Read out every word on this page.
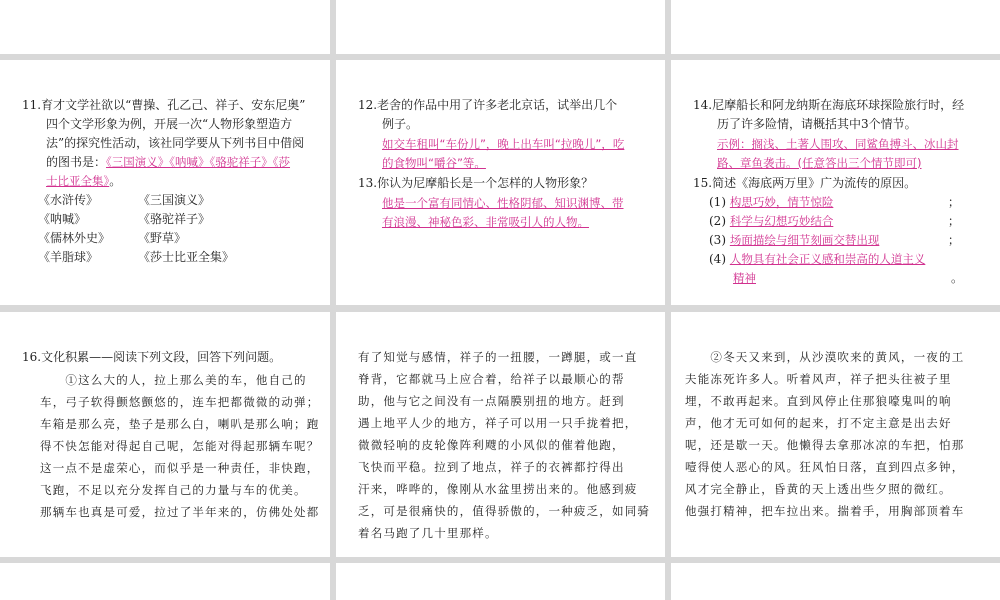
11.育才文学社欲以“曹操、孔乙己、祥子、安东尼奥”
四个文学形象为例，开展一次“人物形象塑造方
法”的探究性活动，该社同学要从下列书目中借阅
的图书是：《三国演义》《呐喊》《骆驼祥子》《莎
士比亚全集》。
《水浒传》	《三国演义》
《呐喊》	《骆驼祥子》
《儒林外史》 《野草》
《羊脂球》	《莎士比亚全集》
12.老舍的作品中用了许多老北京话，试举出几个
例子。
如交车租叫“车份儿”，晚上出车叫“拉晚儿”，吃
的食物叫“嚼谷”等。
13.你认为尼摩船长是一个怎样的人物形象？
他是一个富有同情心、性格阴郁、知识渊博、带
有浪漫、神秘色彩、非常吸引人的人物。
14.尼摩船长和阿龙纳斯在海底环球探险旅行时，经
历了许多险情，请概括其中3个情节。
示例：搁浅、土著人围攻、同鲨鱼搏斗、冰山封
路、章鱼袭击。(任意答出三个情节即可)
15.简述《海底两万里》广为流传的原因。
(1) 构思巧妙，情节惊险	；
(2) 科学与幻想巧妙结合	；
(3) 场面描绘与细节刻画交替出现	；
(4) 人物具有社会正义感和崇高的人道主义
精神	。
16.文化积累——阅读下列文段，回答下列问题。

　　①这么大的人，拉上那么美的车，他自己的

车，弓子软得颤悠颤悠的，连车把都微微的动弹；

车箱是那么亮，垫子是那么白，喇叭是那么响；跑

得不快怎能对得起自己呢，怎能对得起那辆车呢？

这一点不是虚荣心，而似乎是一种责任，非快跑，

飞跑，不足以充分发挥自己的力量与车的优美。

那辆车也真是可爱，拉过了半年来的，仿佛处处都

有了知觉与感情，祥子的一扭腰，一蹲腿，或一直

脊背，它都就马上应合着，给祥子以最顺心的帮

助，他与它之间没有一点隔膜别扭的地方。赶到

遇上地平人少的地方，祥子可以用一只手拢着把，

微微轻响的皮轮像阵利飕的小风似的催着他跑，

飞快而平稳。拉到了地点，祥子的衣裤都拧得出

汗来，哗哗的，像刚从水盆里捞出来的。他感到疲

乏，可是很痛快的，值得骄傲的，一种疲乏，如同骑

着名马跑了几十里那样。

　　②冬天又来到，从沙漠吹来的黄风，一夜的工

夫能冻死许多人。听着风声，祥子把头往被子里

埋，不敢再起来。直到风停止住那狼嚎鬼叫的响

声，他才无可如何的起来，打不定主意是出去好

呢，还是歇一天。他懒得去拿那冰凉的车把，怕那

噎得使人恶心的风。狂风怕日落，直到四点多钟，

风才完全静止，昏黄的天上透出些夕照的微红。

他强打精神，把车拉出来。揣着手，用胸部顶着车
